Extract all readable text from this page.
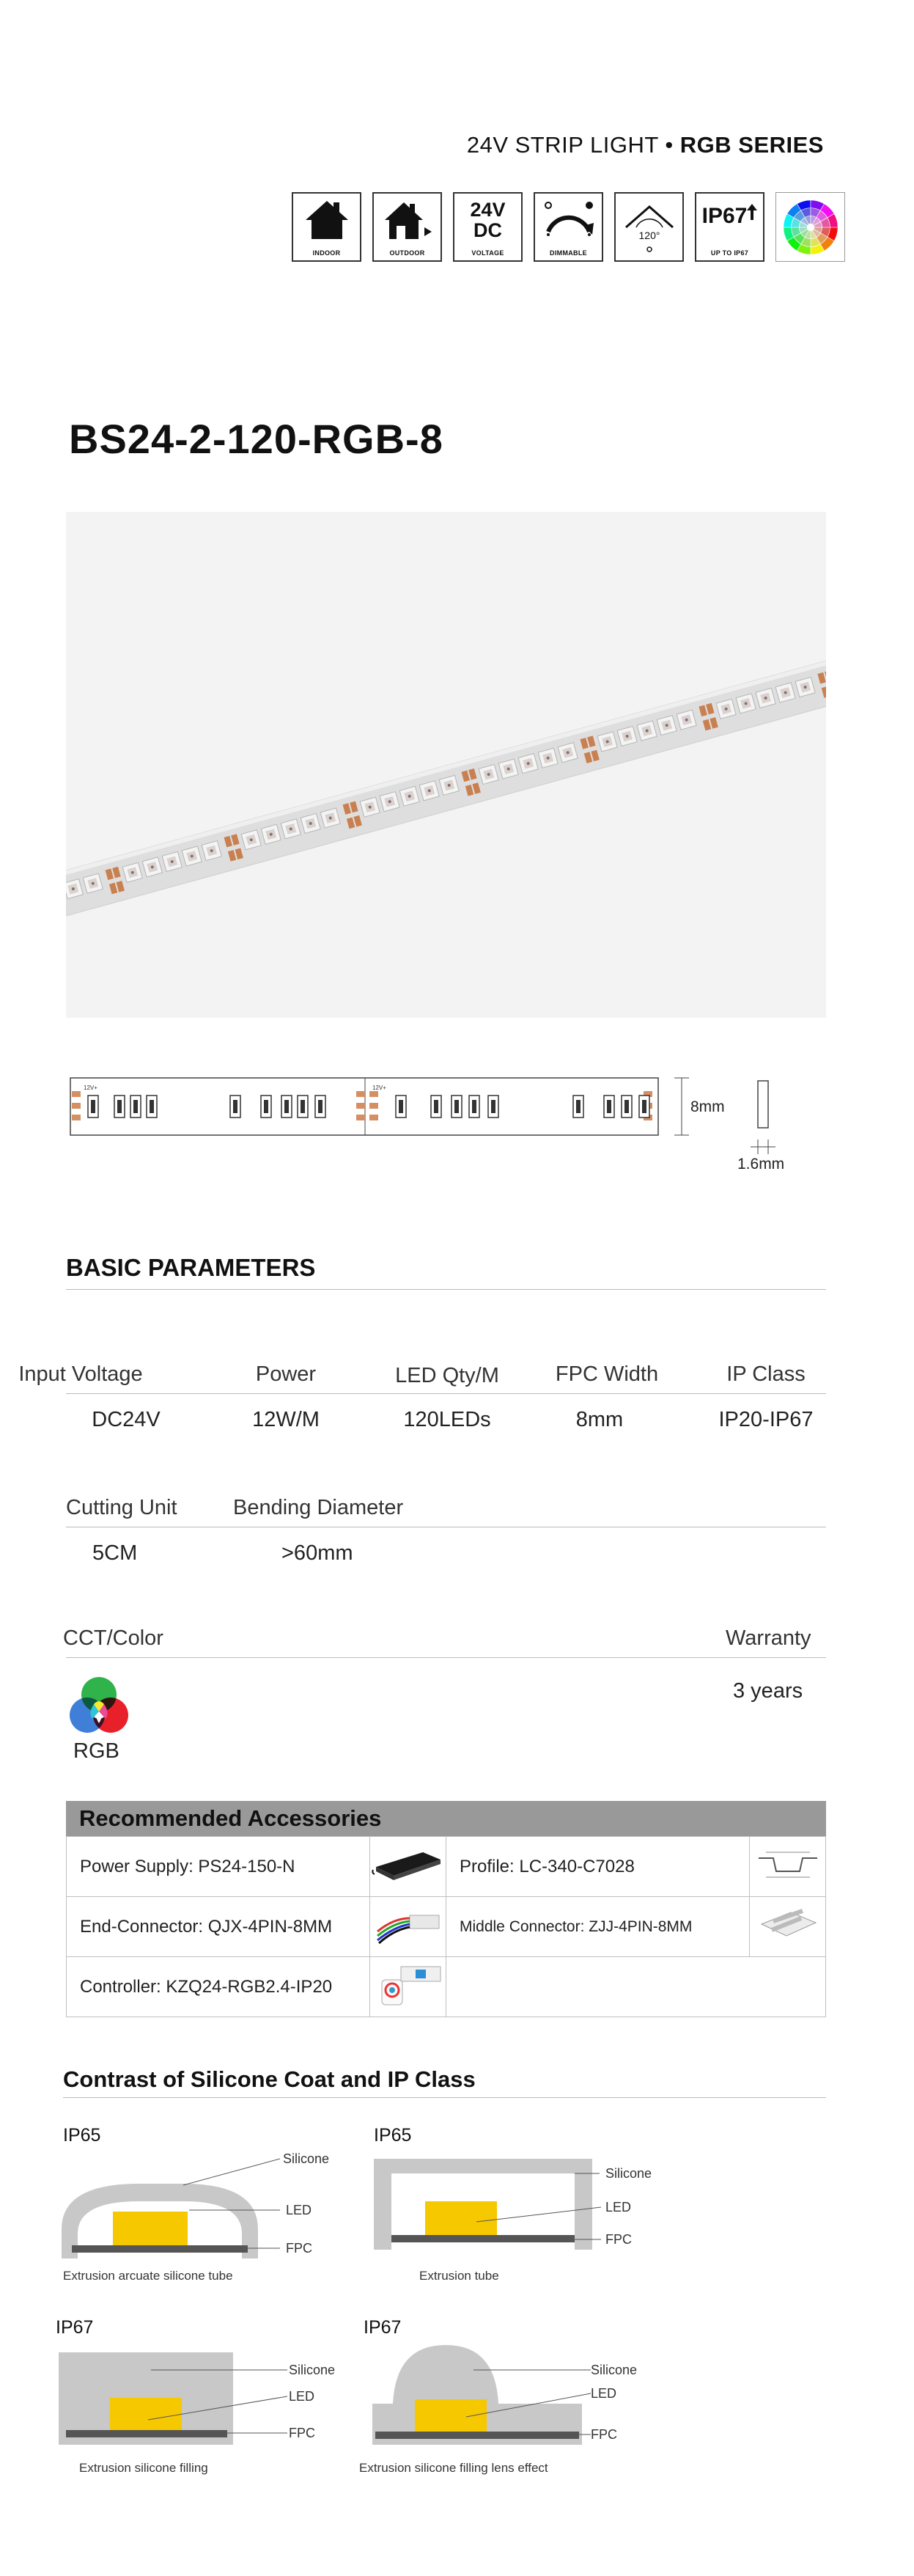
24V STRIP LIGHT • RGB SERIES
INDOOR	OUTDOOR
24V
DC
VOLTAGE	DIMMABLE
120°
IP67
UP TO IP67
BS24-2-120-RGB-8
12V+	12V+
8mm
1.6mm
BASIC PARAMETERS
Input Voltage	Power	LED Qty/M	FPC Width	IP Class
DC24V	12W/M	120LEDs	8mm	IP20-IP67
Cutting Unit	Bending Diameter
5CM	>60mm
CCT/Color	Warranty
RGB
3 years
Recommended Accessories
Power Supply: PS24-150-N		Profile: LC-340-C7028	
End-Connector: QJX-4PIN-8MM		Middle Connector: ZJJ-4PIN-8MM	
Controller: KZQ24-RGB2.4-IP20		
Contrast of Silicone Coat and IP Class
IP65
Silicone
LED
FPC
Extrusion arcuate silicone tube
IP65
Silicone
LED
FPC
Extrusion tube
IP67
Silicone
LED
FPC
Extrusion silicone filling
IP67
Silicone
LED
FPC
Extrusion silicone filling lens effect
